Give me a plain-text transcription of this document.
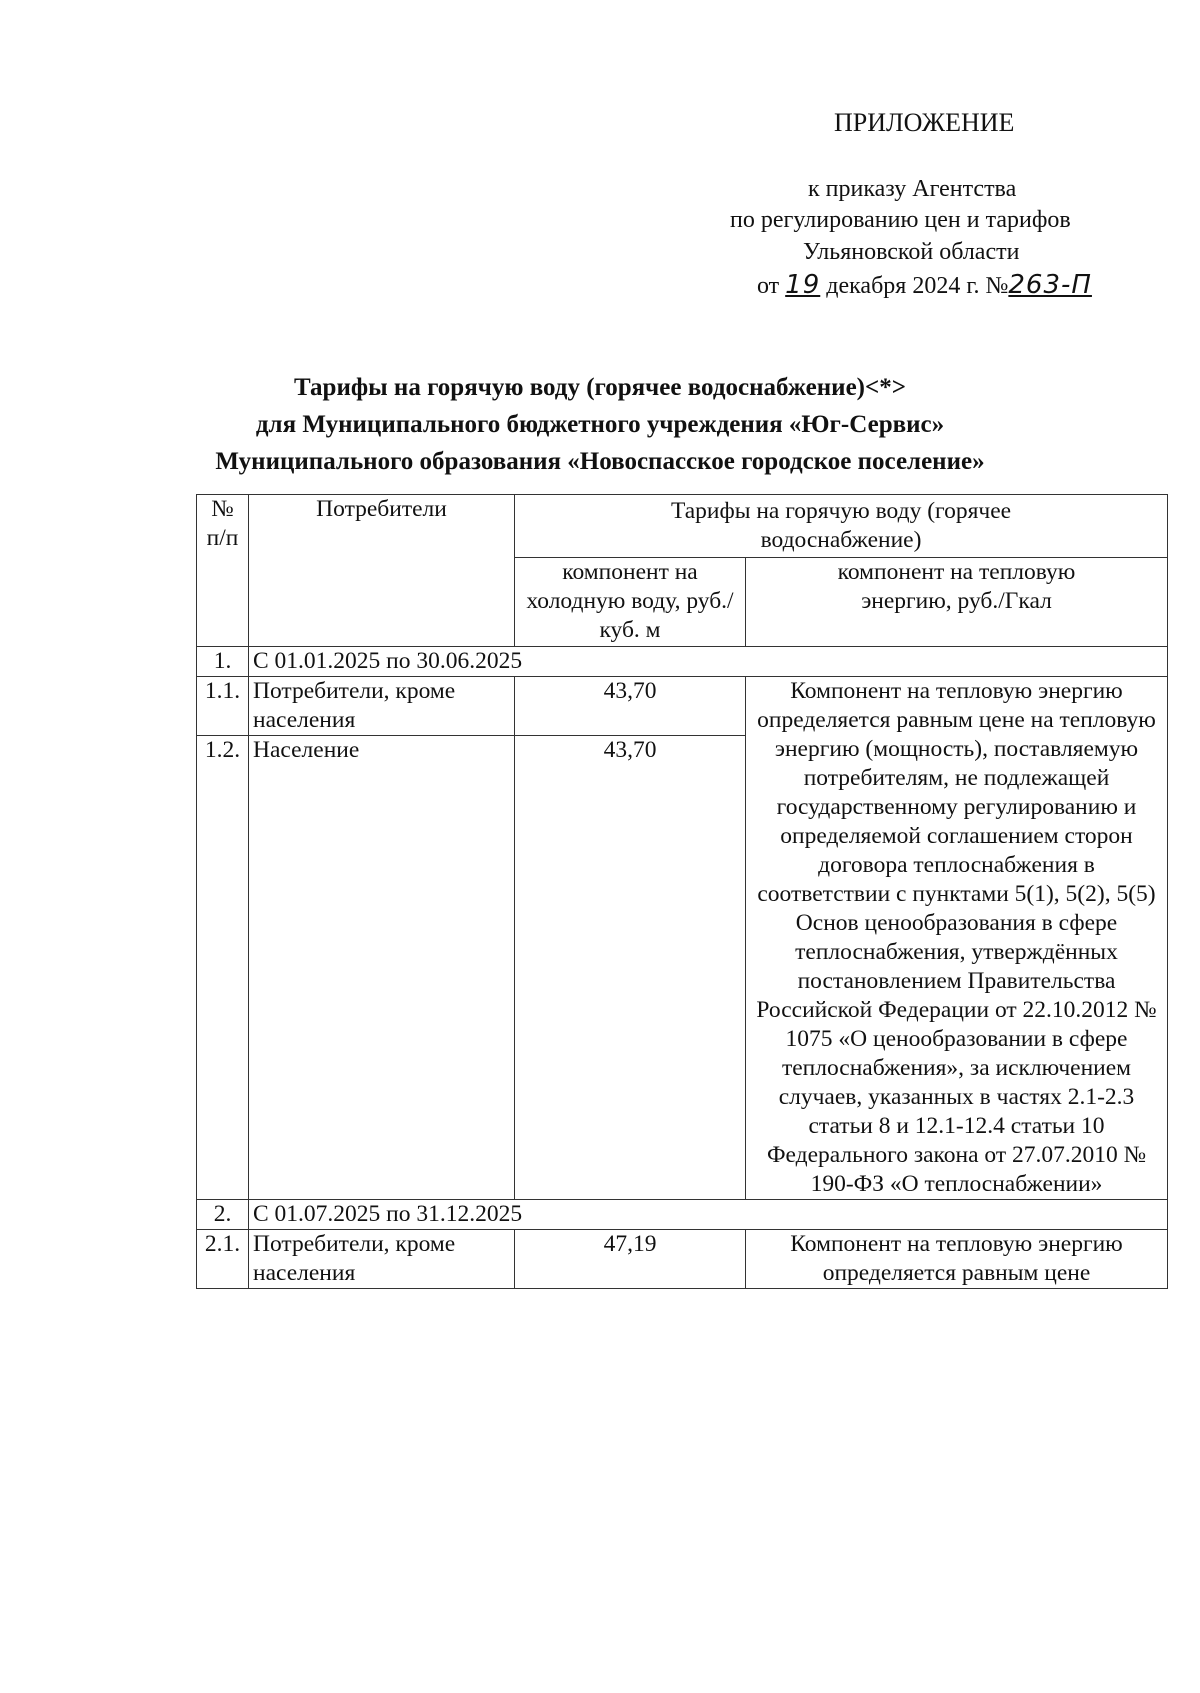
ПРИЛОЖЕНИЕ
к приказу Агентства
по регулированию цен и тарифов
Ульяновской области
от 19 декабря 2024 г. №263-П
Тарифы на горячую воду (горячее водоснабжение)<*>
для Муниципального бюджетного учреждения «Юг-Сервис»
Муниципального образования «Новоспасское городское поселение»
№ п/п	Потребители	Тарифы на горячую воду (горячее водоснабжение)	
		компонент на холодную воду, руб./куб. м	компонент на тепловую энергию, руб./Гкал
1.	С 01.01.2025 по 30.06.2025		
1.1.	Потребители, кроме населения	43,70	Компонент на тепловую энергию определяется равным цене на тепловую энергию (мощность), поставляемую потребителям, не подлежащей государственному регулированию и определяемой соглашением сторон договора теплоснабжения в соответствии с пунктами 5(1), 5(2), 5(5) Основ ценообразования в сфере теплоснабжения, утверждённых постановлением Правительства Российской Федерации от 22.10.2012 № 1075 «О ценообразовании в сфере теплоснабжения», за исключением случаев, указанных в частях 2.1-2.3 статьи 8 и 12.1-12.4 статьи 10 Федерального закона от 27.07.2010 № 190-ФЗ «О теплоснабжении»
1.2.	Население	43,70	
2.	С 01.07.2025 по 31.12.2025		
2.1.	Потребители, кроме населения	47,19	Компонент на тепловую энергию определяется равным цене
